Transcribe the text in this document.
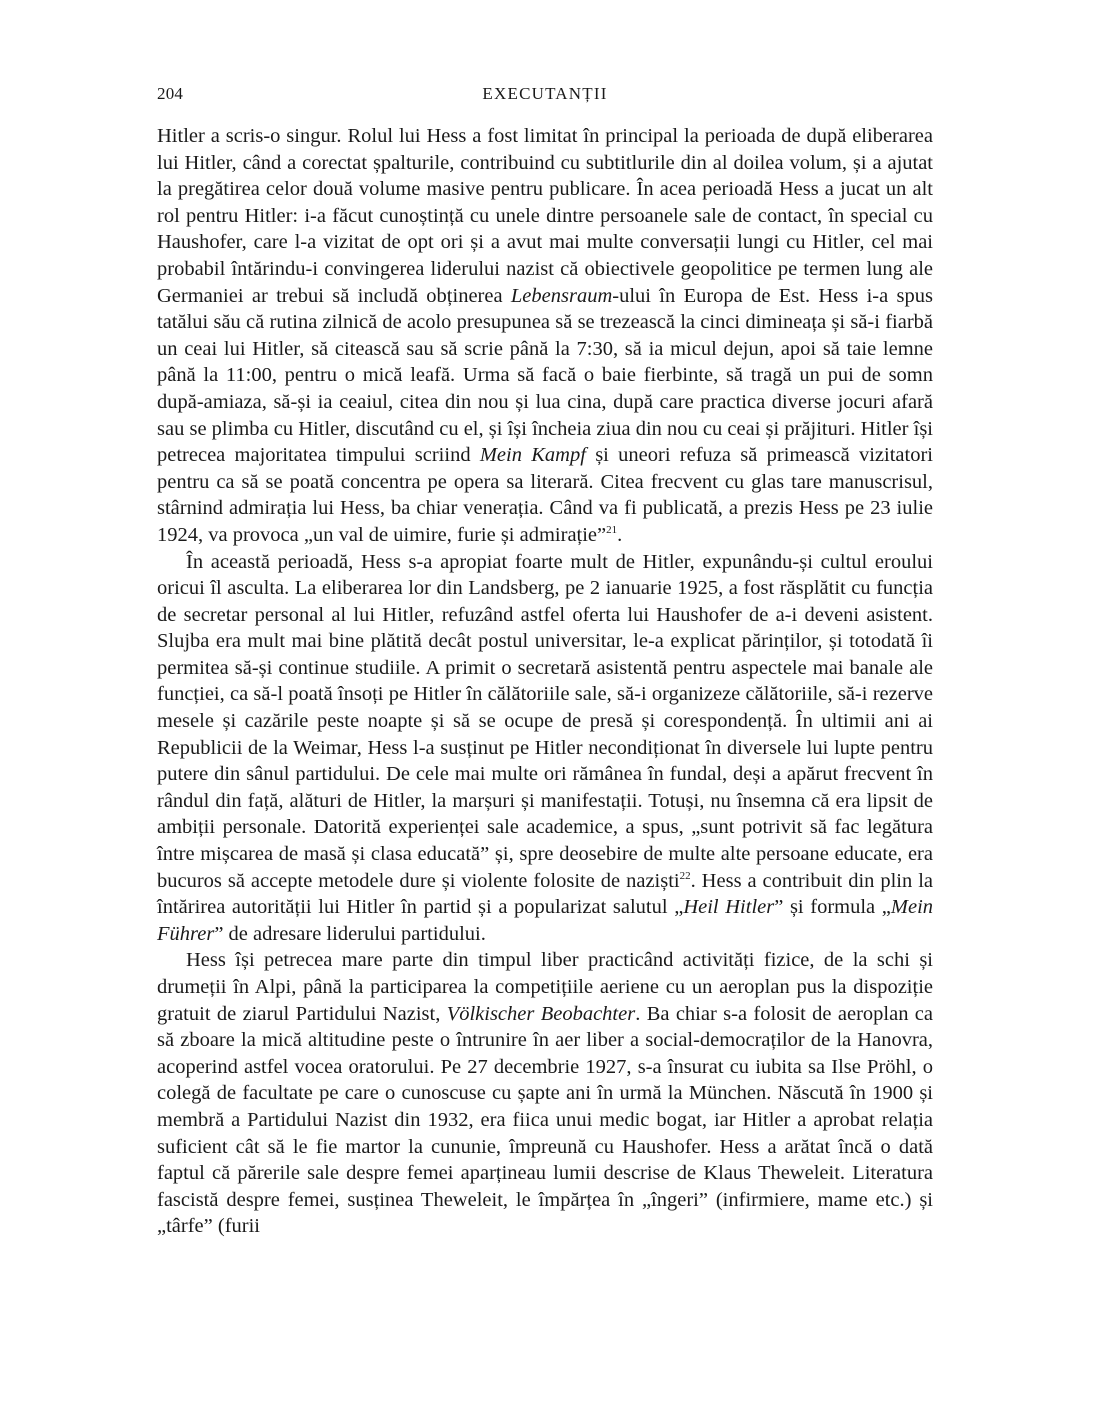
204	EXECUTANȚII

Hitler a scris-o singur. Rolul lui Hess a fost limitat în principal la perioada de după eliberarea lui Hitler, când a corectat șpalturile, contribuind cu subtitlurile din al doilea volum, și a ajutat la pregătirea celor două volume masive pentru publicare. În acea perioadă Hess a jucat un alt rol pentru Hitler: i-a făcut cunoștință cu unele dintre persoanele sale de contact, în special cu Haushofer, care l-a vizitat de opt ori și a avut mai multe conversații lungi cu Hitler, cel mai probabil întărindu-i convingerea liderului nazist că obiectivele geopolitice pe termen lung ale Germaniei ar trebui să includă obținerea Lebensraum-ului în Europa de Est. Hess i-a spus tatălui său că rutina zilnică de acolo presupunea să se trezească la cinci dimineața și să-i fiarbă un ceai lui Hitler, să citească sau să scrie până la 7:30, să ia micul dejun, apoi să taie lemne până la 11:00, pentru o mică leafă. Urma să facă o baie fierbinte, să tragă un pui de somn după-amiaza, să-și ia ceaiul, citea din nou și lua cina, după care practica diverse jocuri afară sau se plimba cu Hitler, discutând cu el, și își încheia ziua din nou cu ceai și prăjituri. Hitler își petrecea majoritatea timpului scriind Mein Kampf și uneori refuza să primească vizitatori pentru ca să se poată concentra pe opera sa literară. Citea frecvent cu glas tare manuscrisul, stârnind admirația lui Hess, ba chiar venerația. Când va fi publicată, a prezis Hess pe 23 iulie 1924, va provoca „un val de uimire, furie și admirație”$^{21}$.

În această perioadă, Hess s-a apropiat foarte mult de Hitler, expunându-și cultul eroului oricui îl asculta. La eliberarea lor din Landsberg, pe 2 ianuarie 1925, a fost răsplătit cu funcția de secretar personal al lui Hitler, refuzând astfel oferta lui Haushofer de a-i deveni asistent. Slujba era mult mai bine plătită decât postul universitar, le-a explicat părinților, și totodată îi permitea să-și continue studiile. A primit o secretară asistentă pentru aspectele mai banale ale funcției, ca să-l poată însoți pe Hitler în călătoriile sale, să-i organizeze călătoriile, să-i rezerve mesele și cazările peste noapte și să se ocupe de presă și corespondență. În ultimii ani ai Republicii de la Weimar, Hess l-a susținut pe Hitler necondiționat în diversele lui lupte pentru putere din sânul partidului. De cele mai multe ori rămânea în fundal, deși a apărut frecvent în rândul din față, alături de Hitler, la marșuri și manifestații. Totuși, nu însemna că era lipsit de ambiții personale. Datorită experienței sale academice, a spus, „sunt potrivit să fac legătura între mișcarea de masă și clasa educată” și, spre deosebire de multe alte persoane educate, era bucuros să accepte metodele dure și violente folosite de naziști$^{22}$. Hess a contribuit din plin la întărirea autorității lui Hitler în partid și a popularizat salutul „Heil Hitler” și formula „Mein Führer” de adresare liderului partidului.

Hess își petrecea mare parte din timpul liber practicând activități fizice, de la schi și drumeții în Alpi, până la participarea la competițiile aeriene cu un aeroplan pus la dispoziție gratuit de ziarul Partidului Nazist, Völkischer Beobachter. Ba chiar s-a folosit de aeroplan ca să zboare la mică altitudine peste o întrunire în aer liber a social-democraților de la Hanovra, acoperind astfel vocea oratorului. Pe 27 decembrie 1927, s-a însurat cu iubita sa Ilse Pröhl, o colegă de facultate pe care o cunoscuse cu șapte ani în urmă la München. Născută în 1900 și membră a Partidului Nazist din 1932, era fiica unui medic bogat, iar Hitler a aprobat relația suficient cât să le fie martor la cununie, împreună cu Haushofer. Hess a arătat încă o dată faptul că părerile sale despre femei aparțineau lumii descrise de Klaus Theweleit. Literatura fascistă despre femei, susținea Theweleit, le împărțea în „îngeri” (infirmiere, mame etc.) și „târfe” (furii
